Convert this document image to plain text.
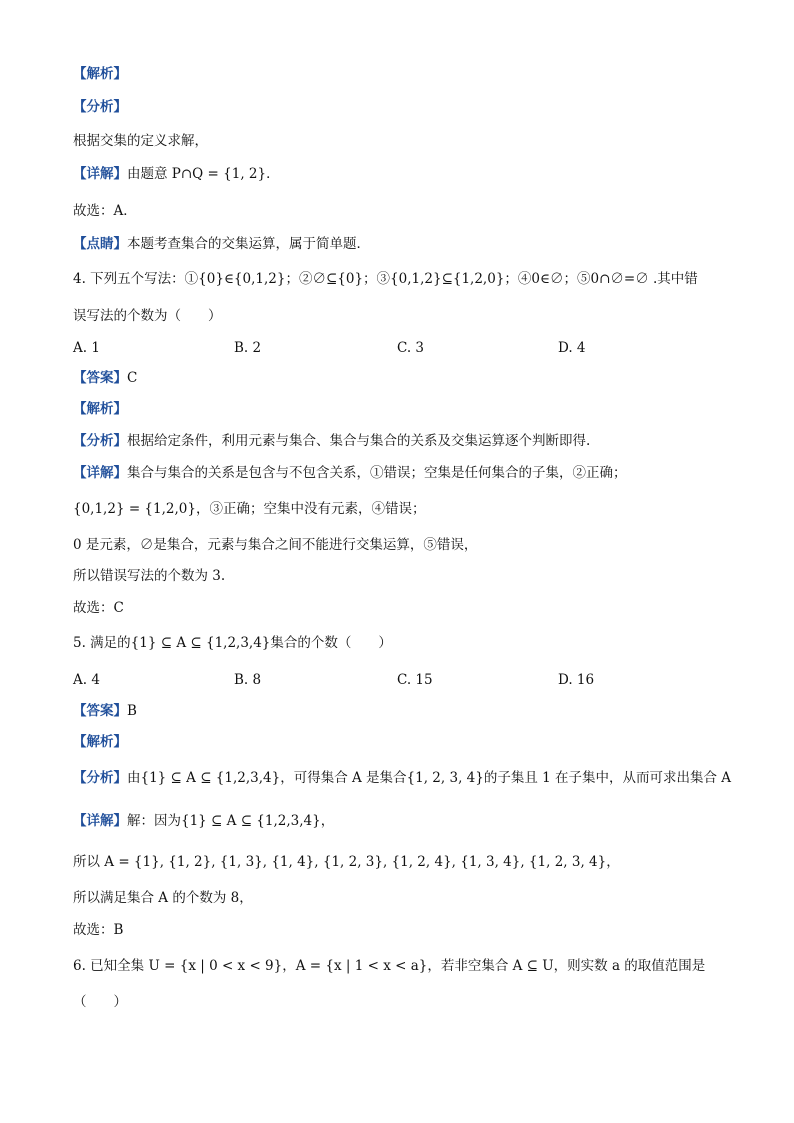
【解析】
【分析】
根据交集的定义求解，
【详解】由题意 P∩Q = {1, 2}．
故选：A．
【点睛】本题考查集合的交集运算，属于简单题．
4. 下列五个写法：①{0}∈{0,1,2}；②∅⊆{0}；③{0,1,2}⊆{1,2,0}；④0∈∅；⑤0∩∅=∅ .其中错
误写法的个数为（　　）
A. 1	B. 2	C. 3	D. 4
【答案】C
【解析】
【分析】根据给定条件，利用元素与集合、集合与集合的关系及交集运算逐个判断即得.
【详解】集合与集合的关系是包含与不包含关系，①错误；空集是任何集合的子集，②正确；
{0,1,2} = {1,2,0}，③正确；空集中没有元素，④错误；
0 是元素，∅是集合，元素与集合之间不能进行交集运算，⑤错误，
所以错误写法的个数为 3.
故选：C
5. 满足的{1} ⊆ A ⊆ {1,2,3,4}集合的个数（　　）
A. 4	B. 8	C. 15	D. 16
【答案】B
【解析】
【分析】由{1} ⊆ A ⊆ {1,2,3,4}，可得集合 A 是集合{1, 2, 3, 4}的子集且 1 在子集中，从而可求出集合 A
【详解】解：因为{1} ⊆ A ⊆ {1,2,3,4}，
所以 A = {1}, {1, 2}, {1, 3}, {1, 4}, {1, 2, 3}, {1, 2, 4}, {1, 3, 4}, {1, 2, 3, 4}，
所以满足集合 A 的个数为 8，
故选：B
6. 已知全集 U = {x | 0 < x < 9}，A = {x | 1 < x < a}，若非空集合 A ⊆ U，则实数 a 的取值范围是
（　　）
